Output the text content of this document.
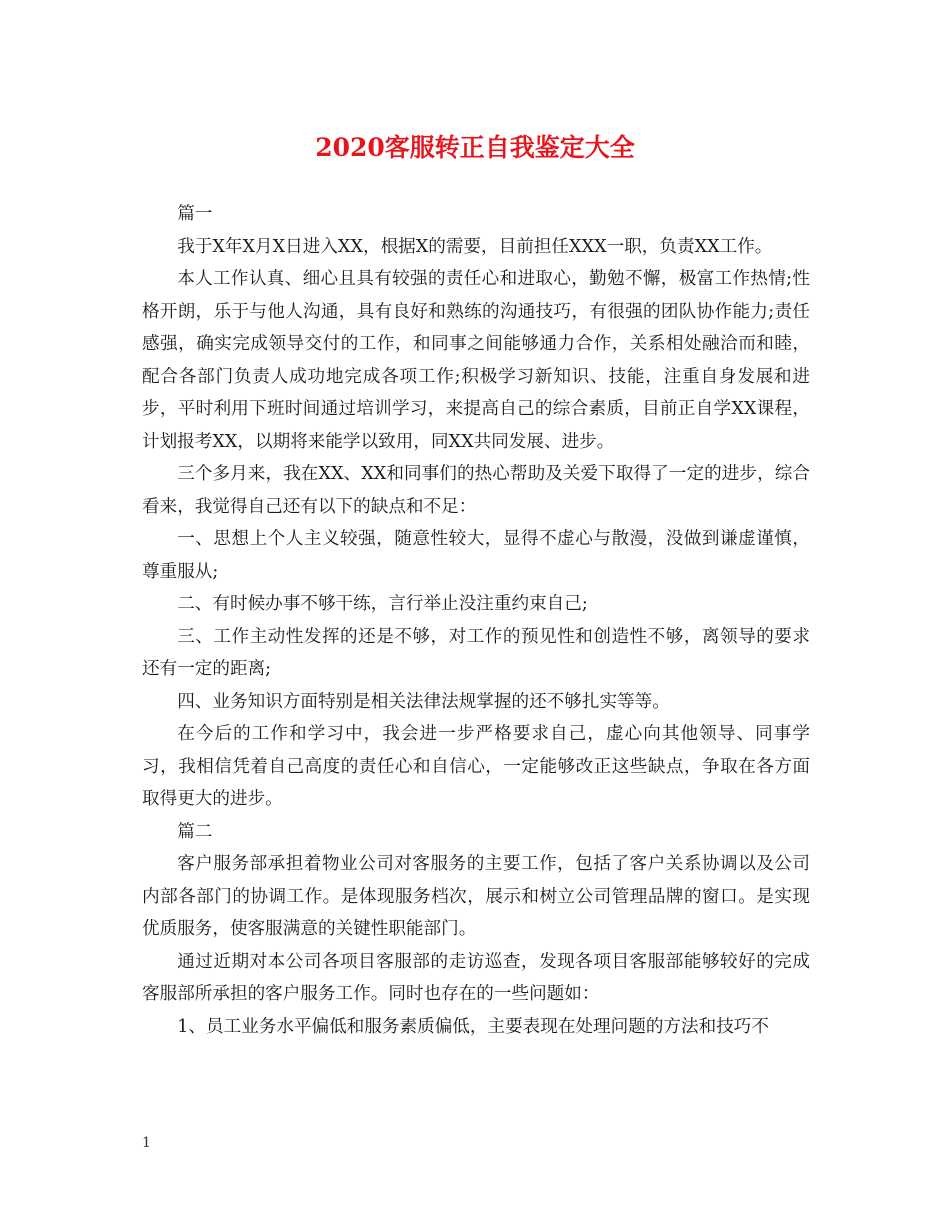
2020客服转正自我鉴定大全

篇一

我于X年X月X日进入XX，根据X的需要，目前担任XXX一职，负责XX工作。

本人工作认真、细心且具有较强的责任心和进取心，勤勉不懈，极富工作热情;性格开朗，乐于与他人沟通，具有良好和熟练的沟通技巧，有很强的团队协作能力;责任感强，确实完成领导交付的工作，和同事之间能够通力合作，关系相处融洽而和睦，配合各部门负责人成功地完成各项工作;积极学习新知识、技能，注重自身发展和进步，平时利用下班时间通过培训学习，来提高自己的综合素质，目前正自学XX课程，计划报考XX，以期将来能学以致用，同XX共同发展、进步。

三个多月来，我在XX、XX和同事们的热心帮助及关爱下取得了一定的进步，综合看来，我觉得自己还有以下的缺点和不足：

一、思想上个人主义较强，随意性较大，显得不虚心与散漫，没做到谦虚谨慎，尊重服从;

二、有时候办事不够干练，言行举止没注重约束自己;

三、工作主动性发挥的还是不够，对工作的预见性和创造性不够，离领导的要求还有一定的距离;

四、业务知识方面特别是相关法律法规掌握的还不够扎实等等。

在今后的工作和学习中，我会进一步严格要求自己，虚心向其他领导、同事学习，我相信凭着自己高度的责任心和自信心，一定能够改正这些缺点，争取在各方面取得更大的进步。

篇二

客户服务部承担着物业公司对客服务的主要工作，包括了客户关系协调以及公司内部各部门的协调工作。是体现服务档次，展示和树立公司管理品牌的窗口。是实现优质服务，使客服满意的关键性职能部门。

通过近期对本公司各项目客服部的走访巡查，发现各项目客服部能够较好的完成客服部所承担的客户服务工作。同时也存在的一些问题如：

1、员工业务水平偏低和服务素质偏低，主要表现在处理问题的方法和技巧不

1
